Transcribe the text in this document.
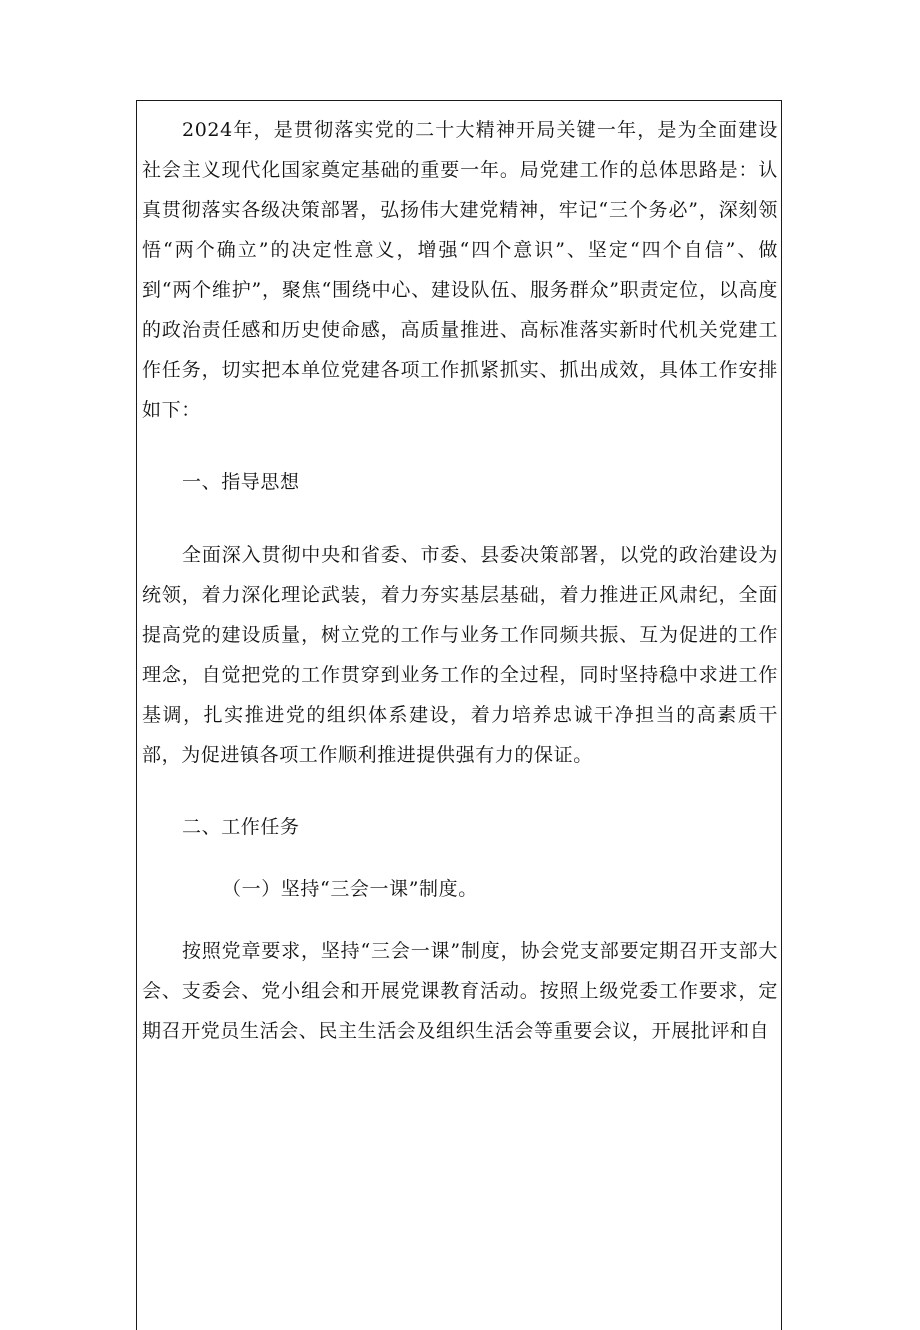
2024年，是贯彻落实党的二十大精神开局关键一年，是为全面建设社会主义现代化国家奠定基础的重要一年。局党建工作的总体思路是：认真贯彻落实各级决策部署，弘扬伟大建党精神，牢记“三个务必”，深刻领悟“两个确立”的决定性意义，增强“四个意识”、坚定“四个自信”、做到“两个维护”，聚焦“围绕中心、建设队伍、服务群众”职责定位，以高度的政治责任感和历史使命感，高质量推进、高标准落实新时代机关党建工作任务，切实把本单位党建各项工作抓紧抓实、抓出成效，具体工作安排如下：

一、指导思想

全面深入贯彻中央和省委、市委、县委决策部署，以党的政治建设为统领，着力深化理论武装，着力夯实基层基础，着力推进正风肃纪，全面提高党的建设质量，树立党的工作与业务工作同频共振、互为促进的工作理念，自觉把党的工作贯穿到业务工作的全过程，同时坚持稳中求进工作基调，扎实推进党的组织体系建设，着力培养忠诚干净担当的高素质干部，为促进镇各项工作顺利推进提供强有力的保证。

二、工作任务

（一）坚持“三会一课”制度。

按照党章要求，坚持“三会一课”制度，协会党支部要定期召开支部大会、支委会、党小组会和开展党课教育活动。按照上级党委工作要求，定期召开党员生活会、民主生活会及组织生活会等重要会议，开展批评和自
